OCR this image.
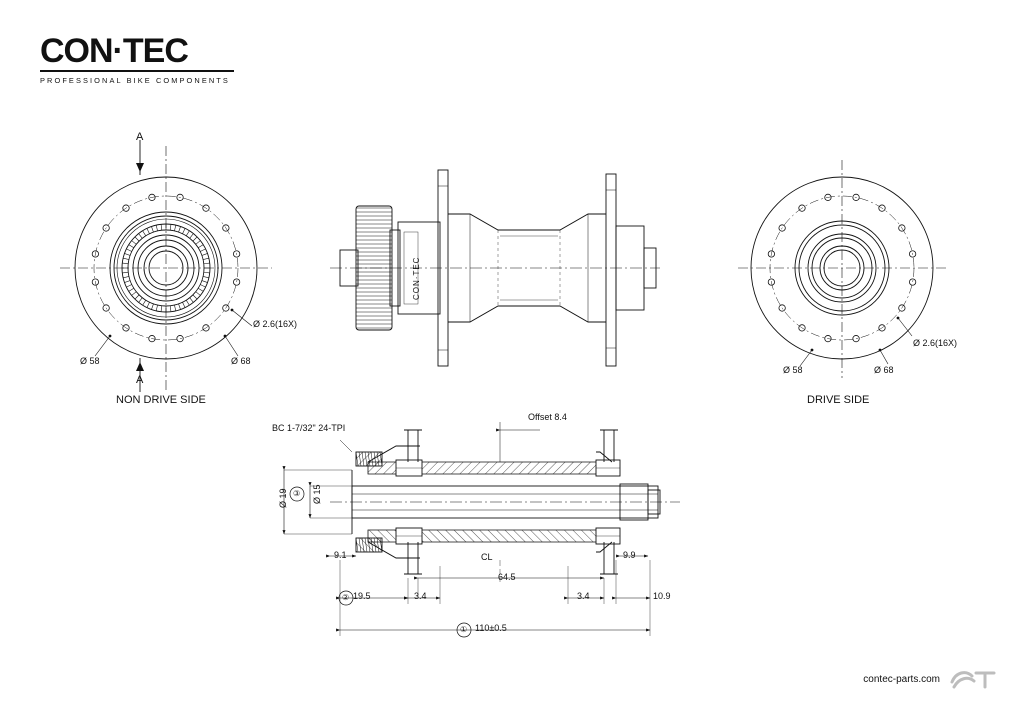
CON·TEC
PROFESSIONAL BIKE COMPONENTS
A
A
Ø 2.6(16X)
Ø 58	Ø 68
NON DRIVE SIDE
Ø 2.6(16X)
Ø 58	Ø 68
DRIVE SIDE
CON·TEC
BC 1-7/32" 24-TPI
Offset 8.4
CL
Ø 19	Ø 15
9.1	9.9
3.4	3.4
19.5	10.9
64.5
110±0.5
②
①
③
contec-parts.com
